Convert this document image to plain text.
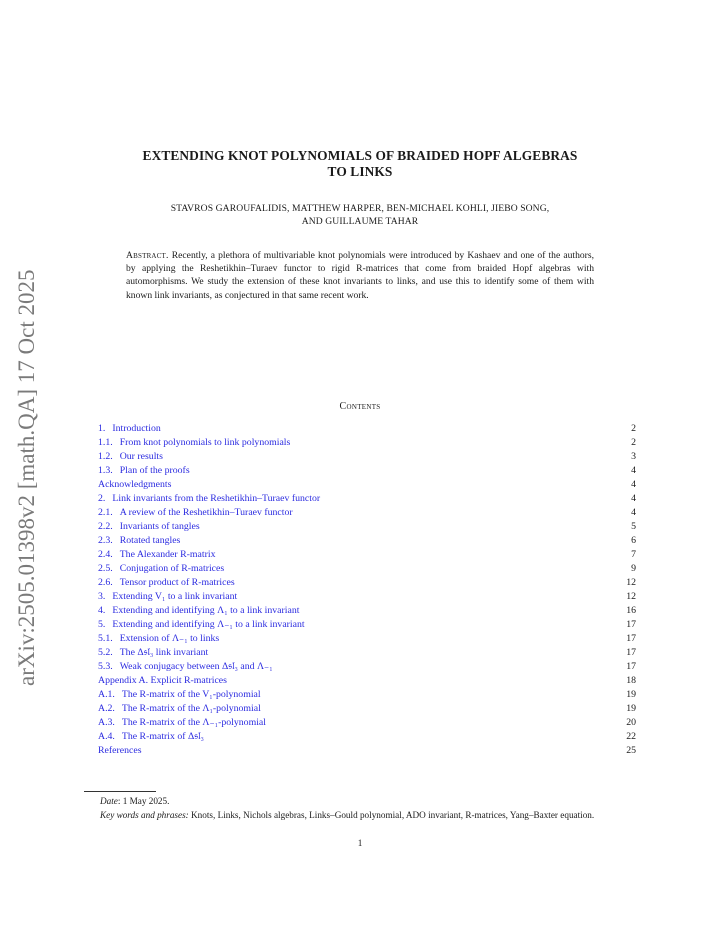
arXiv:2505.01398v2 [math.QA] 17 Oct 2025
EXTENDING KNOT POLYNOMIALS OF BRAIDED HOPF ALGEBRAS
TO LINKS
STAVROS GAROUFALIDIS, MATTHEW HARPER, BEN-MICHAEL KOHLI, JIEBO SONG,
AND GUILLAUME TAHAR
Abstract. Recently, a plethora of multivariable knot polynomials were introduced by Kashaev and one of the authors, by applying the Reshetikhin–Turaev functor to rigid R-matrices that come from braided Hopf algebras with automorphisms. We study the extension of these knot invariants to links, and use this to identify some of them with known link invariants, as conjectured in that same recent work.
Contents
1. Introduction	2
1.1. From knot polynomials to link polynomials	2
1.2. Our results	3
1.3. Plan of the proofs	4
Acknowledgments	4
2. Link invariants from the Reshetikhin–Turaev functor	4
2.1. A review of the Reshetikhin–Turaev functor	4
2.2. Invariants of tangles	5
2.3. Rotated tangles	6
2.4. The Alexander R-matrix	7
2.5. Conjugation of R-matrices	9
2.6. Tensor product of R-matrices	12
3. Extending V₁ to a link invariant	12
4. Extending and identifying Λ₁ to a link invariant	16
5. Extending and identifying Λ₋₁ to a link invariant	17
5.1. Extension of Λ₋₁ to links	17
5.2. The Δ𝔰𝔩₃ link invariant	17
5.3. Weak conjugacy between Δ𝔰𝔩₃ and Λ₋₁	17
Appendix A. Explicit R-matrices	18
A.1. The R-matrix of the V₁-polynomial	19
A.2. The R-matrix of the Λ₁-polynomial	19
A.3. The R-matrix of the Λ₋₁-polynomial	20
A.4. The R-matrix of Δ𝔰𝔩₃	22
References	25

Date: 1 May 2025.

Key words and phrases: Knots, Links, Nichols algebras, Links–Gould polynomial, ADO invariant, R-matrices, Yang–Baxter equation.

1
